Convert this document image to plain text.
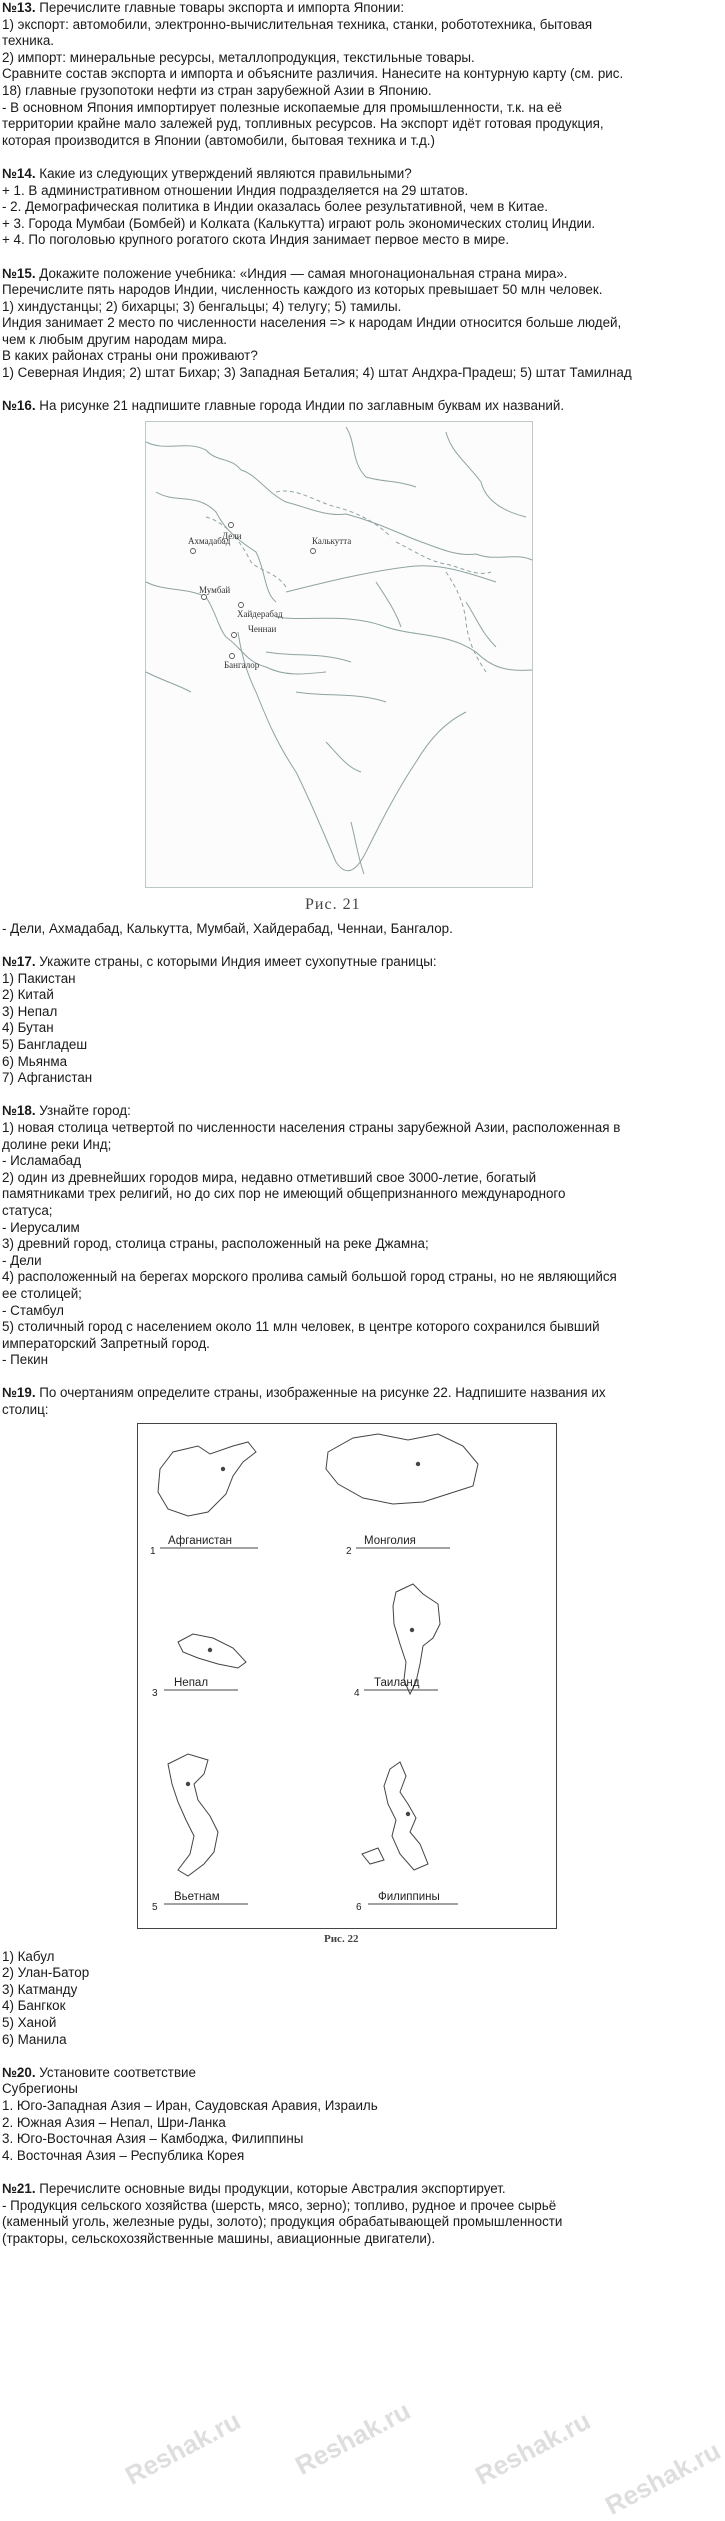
№13. Перечислите главные товары экспорта и импорта Японии:
1) экспорт: автомобили, электронно-вычислительная техника, станки, робототехника, бытовая
техника.
2) импорт: минеральные ресурсы, металлопродукция, текстильные товары.
Сравните состав экспорта и импорта и объясните различия. Нанесите на контурную карту (см. рис.
18) главные грузопотоки нефти из стран зарубежной Азии в Японию.
- В основном Япония импортирует полезные ископаемые для промышленности, т.к. на её
территории крайне мало залежей руд, топливных ресурсов. На экспорт идёт готовая продукция,
которая производится в Японии (автомобили, бытовая техника и т.д.)
№14. Какие из следующих утверждений являются правильными?
+ 1. В административном отношении Индия подразделяется на 29 штатов.
- 2. Демографическая политика в Индии оказалась более результативной, чем в Китае.
+ 3. Города Мумбаи (Бомбей) и Колката (Калькутта) играют роль экономических столиц Индии.
+ 4. По поголовью крупного рогатого скота Индия занимает первое место в мире.
№15. Докажите положение учебника: «Индия — самая многонациональная страна мира».
Перечислите пять народов Индии, численность каждого из которых превышает 50 млн человек.
1) хиндустанцы; 2) бихарцы; 3) бенгальцы; 4) телугу; 5) тамилы.
Индия занимает 2 место по численности населения => к народам Индии относится больше людей,
чем к любым другим народам мира.
В каких районах страны они проживают?
1) Северная Индия; 2) штат Бихар; 3) Западная Беталия; 4) штат Андхра-Прадеш; 5) штат Тамилнад
№16. На рисунке 21 надпишите главные города Индии по заглавным буквам их названий.
Дели
Ахмадабад	Калькутта
Мумбай
Хайдерабад
Ченнаи
Бангалор
Рис. 21
- Дели, Ахмадабад, Калькутта, Мумбай, Хайдерабад, Ченнаи, Бангалор.
№17. Укажите страны, с которыми Индия имеет сухопутные границы:
1) Пакистан
2) Китай
3) Непал
4) Бутан
5) Бангладеш
6) Мьянма
7) Афганистан
№18. Узнайте город:
1) новая столица четвертой по численности населения страны зарубежной Азии, расположенная в
долине реки Инд;
- Исламабад
2) один из древнейших городов мира, недавно отметивший свое 3000-летие, богатый
памятниками трех религий, но до сих пор не имеющий общепризнанного международного
статуса;
- Иерусалим
3) древний город, столица страны, расположенный на реке Джамна;
- Дели
4) расположенный на берегах морского пролива самый большой город страны, но не являющийся
ее столицей;
- Стамбул
5) столичный город с населением около 11 млн человек, в центре которого сохранился бывший
императорский Запретный город.
- Пекин
№19. По очертаниям определите страны, изображенные на рисунке 22. Надпишите названия их
столиц:
1
Афганистан
2
Монголия
3
Непал
4
Таиланд
5
Вьетнам
6
Филиппины
Рис. 22
1) Кабул
2) Улан-Батор
3) Катманду
4) Бангкок
5) Ханой
6) Манила
№20. Установите соответствие
Субрегионы
1. Юго-Западная Азия – Иран, Саудовская Аравия, Израиль
2. Южная Азия – Непал, Шри-Ланка
3. Юго-Восточная Азия – Камбоджа, Филиппины
4. Восточная Азия – Республика Корея
№21. Перечислите основные виды продукции, которые Австралия экспортирует.
- Продукция сельского хозяйства (шерсть, мясо, зерно); топливо, рудное и прочее сырьё
(каменный уголь, железные руды, золото); продукция обрабатывающей промышленности
(тракторы, сельскохозяйственные машины, авиационные двигатели).
Reshak.ru Reshak.ru Reshak.ru Reshak.ru
